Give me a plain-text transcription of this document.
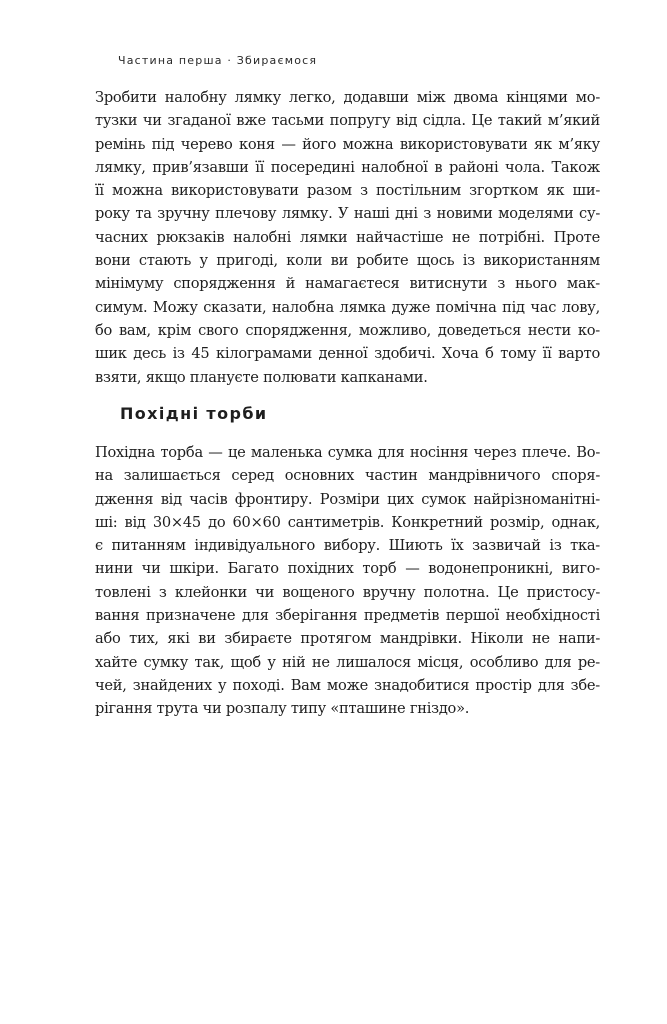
Частина перша · Збираємося
Зробити налобну лямку легко, додавши між двома кінцями мо-
тузки чи згаданої вже тасьми попругу від сідла. Це такий м’який
ремінь під черево коня — його можна використовувати як м’яку
лямку, прив’язавши її посередині налобної в районі чола. Також
її можна використовувати разом з постільним згортком як ши-
року та зручну плечову лямку. У наші дні з новими моделями су-
часних рюкзаків налобні лямки найчастіше не потрібні. Проте
вони стають у пригоді, коли ви робите щось із використанням
мінімуму спорядження й намагаєтеся витиснути з нього мак-
симум. Можу сказати, налобна лямка дуже помічна під час лову,
бо вам, крім свого спорядження, можливо, доведеться нести ко-
шик десь із 45 кілограмами денної здобичі. Хоча б тому її варто
взяти, якщо плануєте полювати капканами.
Похідні торби
Похідна торба — це маленька сумка для носіння через плече. Во-
на залишається серед основних частин мандрівничого споря-
дження від часів фронтиру. Розміри цих сумок найрізноманітні-
ші: від 30×45 до 60×60 сантиметрів. Конкретний розмір, однак,
є питанням індивідуального вибору. Шиють їх зазвичай із тка-
нини чи шкіри. Багато похідних торб — водонепроникні, виго-
товлені з клейонки чи вощеного вручну полотна. Це пристосу-
вання призначене для зберігання предметів першої необхідності
або тих, які ви збираєте протягом мандрівки. Ніколи не напи-
хайте сумку так, щоб у ній не лишалося місця, особливо для ре-
чей, знайдених у поході. Вам може знадобитися простір для збе-
рігання трута чи розпалу типу «пташине гніздо».
